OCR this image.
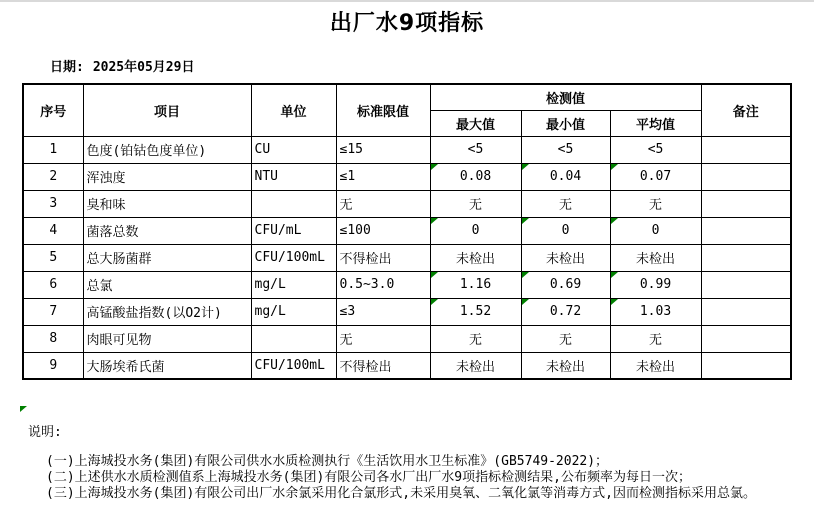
出厂水9项指标
日期: 2025年05月29日
序号	项目	单位	标准限值	检测值			备注
				最大值	最小值	平均值	
1	色度(铂钴色度单位)	CU	≤15	<5	<5	<5	
2	浑浊度	NTU	≤1	0.08	0.04	0.07	
3	臭和味		无	无	无	无	
4	菌落总数	CFU/mL	≤100	0	0	0	
5	总大肠菌群	CFU/100mL	不得检出	未检出	未检出	未检出	
6	总氯	mg/L	0.5~3.0	1.16	0.69	0.99	
7	高锰酸盐指数(以O2计)	mg/L	≤3	1.52	0.72	1.03	
8	肉眼可见物		无	无	无	无	
9	大肠埃希氏菌	CFU/100mL	不得检出	未检出	未检出	未检出	
说明:
(一)上海城投水务(集团)有限公司供水水质检测执行《生活饮用水卫生标准》(GB5749-2022)；
(二)上述供水水质检测值系上海城投水务(集团)有限公司各水厂出厂水9项指标检测结果,公布频率为每日一次；
(三)上海城投水务(集团)有限公司出厂水余氯采用化合氯形式,未采用臭氧、二氧化氯等消毒方式,因而检测指标采用总氯。
